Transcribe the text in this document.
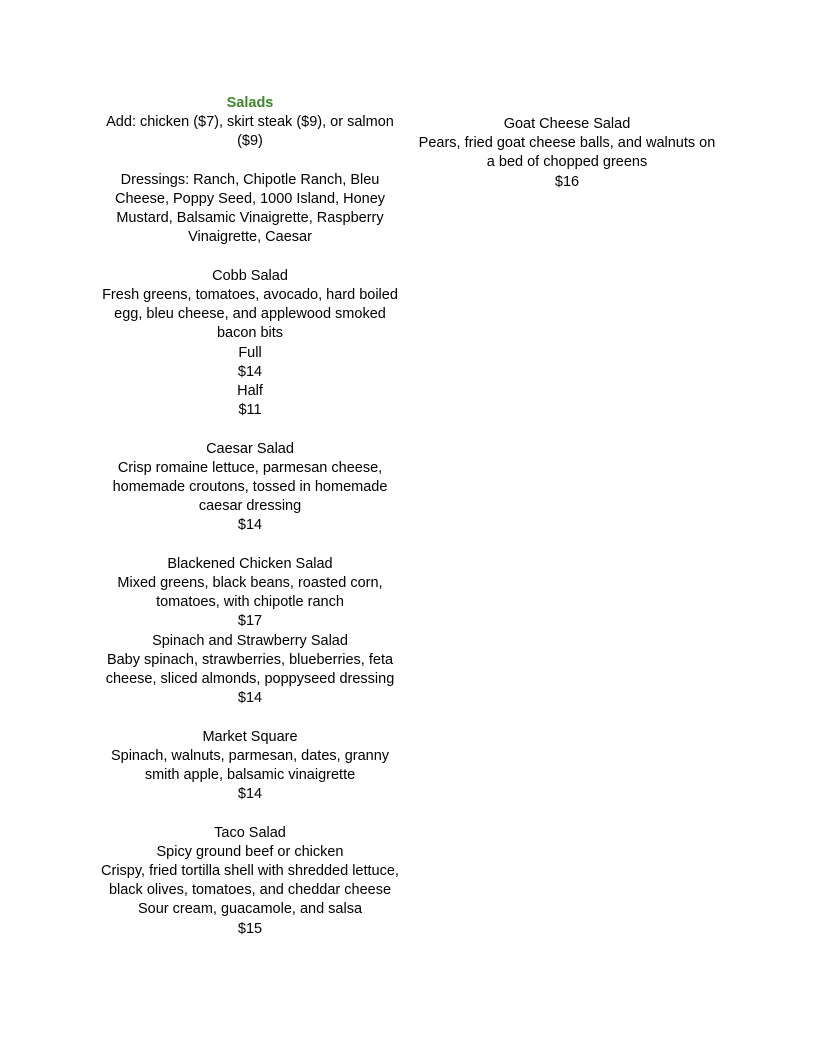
Salads
Add: chicken ($7), skirt steak ($9), or salmon ($9)
Dressings: Ranch, Chipotle Ranch, Bleu Cheese, Poppy Seed, 1000 Island, Honey Mustard, Balsamic Vinaigrette, Raspberry Vinaigrette, Caesar
Cobb Salad
Fresh greens, tomatoes, avocado, hard boiled egg, bleu cheese, and applewood smoked bacon bits
Full
$14
Half
$11
Caesar Salad
Crisp romaine lettuce, parmesan cheese, homemade croutons, tossed in homemade caesar dressing
$14
Blackened Chicken Salad
Mixed greens, black beans, roasted corn, tomatoes, with chipotle ranch
$17
Spinach and Strawberry Salad
Baby spinach, strawberries, blueberries, feta cheese, sliced almonds, poppyseed dressing
$14
Market Square
Spinach, walnuts, parmesan, dates, granny smith apple, balsamic vinaigrette
$14
Taco Salad
Spicy ground beef or chicken
Crispy, fried tortilla shell with shredded lettuce, black olives, tomatoes, and cheddar cheese
Sour cream, guacamole, and salsa
$15
Goat Cheese Salad
Pears, fried goat cheese balls, and walnuts on a bed of chopped greens
$16
